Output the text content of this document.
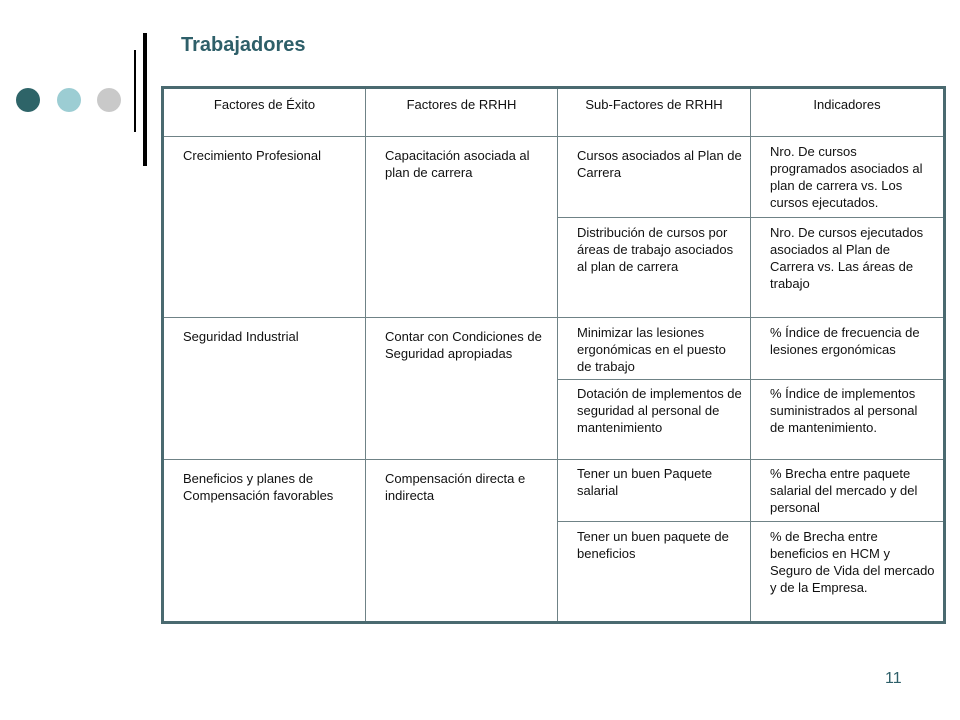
Trabajadores
Factores de Éxito	Factores de RRHH	Sub-Factores de RRHH	Indicadores
Crecimiento Profesional	Capacitación asociada al plan de carrera	Cursos asociados al Plan de Carrera	Nro. De cursos programados asociados al plan de carrera vs. Los cursos ejecutados.
		Distribución de cursos por áreas de trabajo asociados al plan de carrera	Nro. De cursos ejecutados asociados al Plan de Carrera vs. Las áreas de trabajo
Seguridad Industrial	Contar con Condiciones de Seguridad apropiadas	Minimizar las lesiones ergonómicas en el puesto de trabajo	% Índice de frecuencia de lesiones ergonómicas
		Dotación de implementos de seguridad al personal de mantenimiento	% Índice de implementos suministrados al personal de mantenimiento.
Beneficios y planes de Compensación favorables	Compensación directa e indirecta	Tener un buen Paquete salarial	% Brecha entre paquete salarial del mercado y del personal
		Tener un buen paquete de beneficios	% de Brecha entre beneficios en HCM y Seguro de Vida del mercado y de la Empresa.
11
